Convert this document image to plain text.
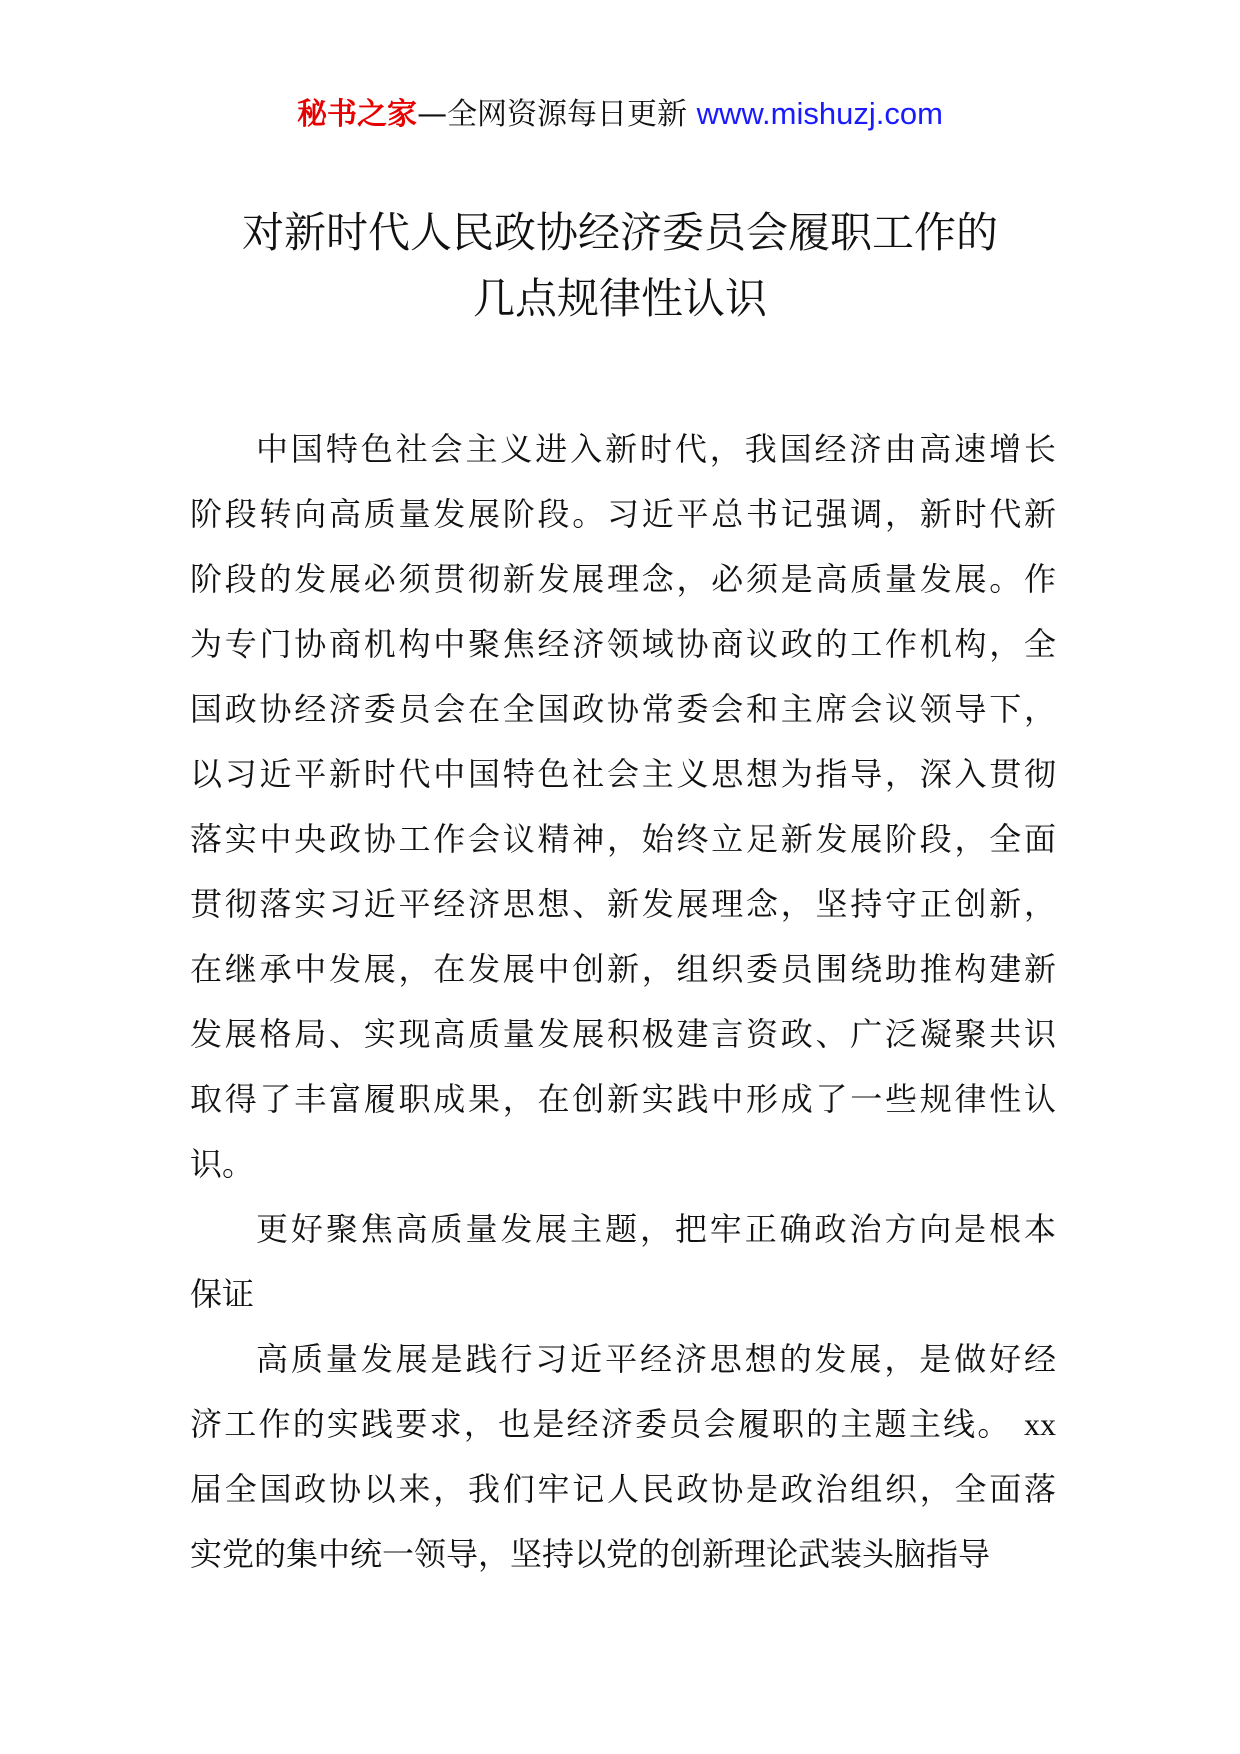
秘书之家—全网资源每日更新 www.mishuzj.com
对新时代人民政协经济委员会履职工作的
几点规律性认识
中国特色社会主义进入新时代，我国经济由高速增长
阶段转向高质量发展阶段。习近平总书记强调，新时代新
阶段的发展必须贯彻新发展理念，必须是高质量发展。作
为专门协商机构中聚焦经济领域协商议政的工作机构，全
国政协经济委员会在全国政协常委会和主席会议领导下，
以习近平新时代中国特色社会主义思想为指导，深入贯彻
落实中央政协工作会议精神，始终立足新发展阶段，全面
贯彻落实习近平经济思想、新发展理念，坚持守正创新，
在继承中发展，在发展中创新，组织委员围绕助推构建新
发展格局、实现高质量发展积极建言资政、广泛凝聚共识
取得了丰富履职成果，在创新实践中形成了一些规律性认
识。
更好聚焦高质量发展主题，把牢正确政治方向是根本
保证
高质量发展是践行习近平经济思想的发展，是做好经
济工作的实践要求，也是经济委员会履职的主题主线。 xx
届全国政协以来，我们牢记人民政协是政治组织，全面落
实党的集中统一领导，坚持以党的创新理论武装头脑指导
